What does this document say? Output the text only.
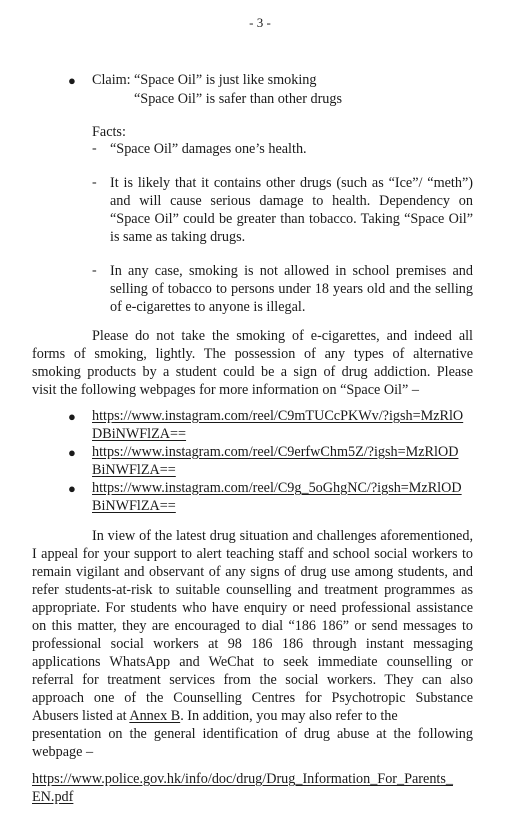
- 3 -
● Claim: “Space Oil” is just like smoking
“Space Oil” is safer than other drugs
Facts:
- “Space Oil” damages one’s health.
- It is likely that it contains other drugs (such as “Ice”/ “meth”)
and will cause serious damage to health. Dependency on
“Space Oil” could be greater than tobacco. Taking “Space Oil”
is same as taking drugs.
- In any case, smoking is not allowed in school premises and
selling of tobacco to persons under 18 years old and the selling
of e-cigarettes to anyone is illegal.
Please do not take the smoking of e-cigarettes, and indeed all
forms of smoking, lightly. The possession of any types of alternative
smoking products by a student could be a sign of drug addiction. Please
visit the following webpages for more information on “Space Oil” –
● https://www.instagram.com/reel/C9mTUCcPKWv/?igsh=MzRlO
DBiNWFlZA==
● https://www.instagram.com/reel/C9erfwChm5Z/?igsh=MzRlOD
BiNWFlZA==
● https://www.instagram.com/reel/C9g_5oGhgNC/?igsh=MzRlOD
BiNWFlZA==
In view of the latest drug situation and challenges aforementioned,
I appeal for your support to alert teaching staff and school social workers to
remain vigilant and observant of any signs of drug use among students, and
refer students-at-risk to suitable counselling and treatment programmes as
appropriate. For students who have enquiry or need professional assistance
on this matter, they are encouraged to dial “186 186” or send messages to
professional social workers at 98 186 186 through instant messaging
applications WhatsApp and WeChat to seek immediate counselling or
referral for treatment services from the social workers. They can also
approach one of the Counselling Centres for Psychotropic Substance
Abusers listed at Annex B. In addition, you may also refer to the
presentation on the general identification of drug abuse at the following
webpage –
https://www.police.gov.hk/info/doc/drug/Drug_Information_For_Parents_
EN.pdf
